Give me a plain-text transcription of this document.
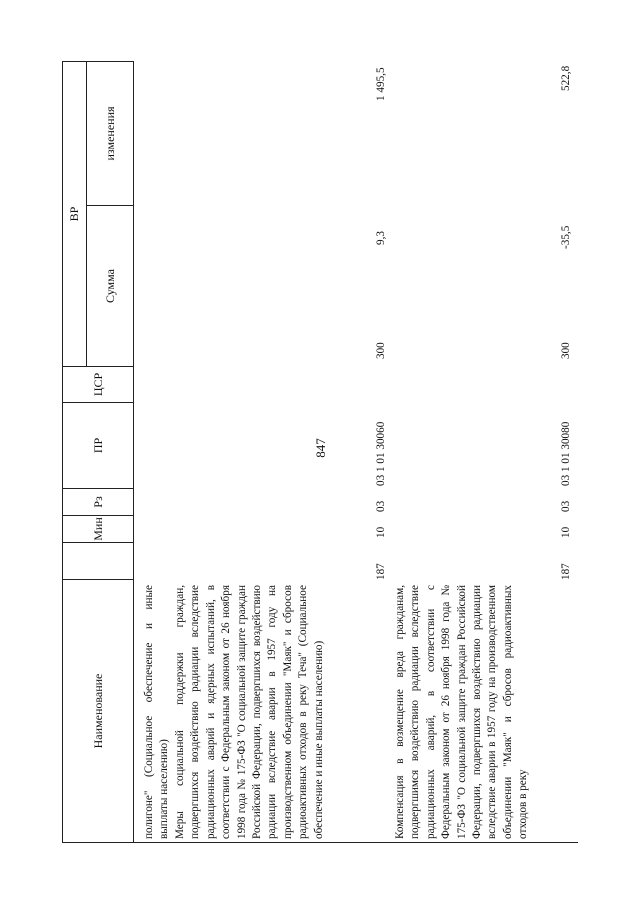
847
Наименование
Мин
Рз
ПР
ЦСР
ВР
Сумма
изменения
полигоне" (Социальное обеспечение и иные выплаты населению) Меры социальной поддержки граждан, подвергшихся воздействию радиации вследствие радиационных аварий и ядерных испытаний, в соответствии с Федеральным законом от 26 ноября 1998 года № 175-ФЗ "О социальной защите граждан Российской Федерации, подвергшихся воздействию радиации вследствие аварии в 1957 году на производственном объединении "Маяк" и сбросов радиоактивных отходов в реку Теча" (Социальное обеспечение и иные выплаты населению)
187
10
03
03 1 01 30060
300
9,3
1 495,5
Компенсация в возмещение вреда гражданам, подвергшимся воздействию радиации вследствие радиационных аварий, в соответствии с Федеральным законом от 26 ноября 1998 года № 175-ФЗ "О социальной защите граждан Российской Федерации, подвергшихся воздействию радиации вследствие аварии в 1957 году на производственном объединении "Маяк" и сбросов радиоактивных отходов в реку
187
10
03
03 1 01 30080
300
-35,5
522,8
